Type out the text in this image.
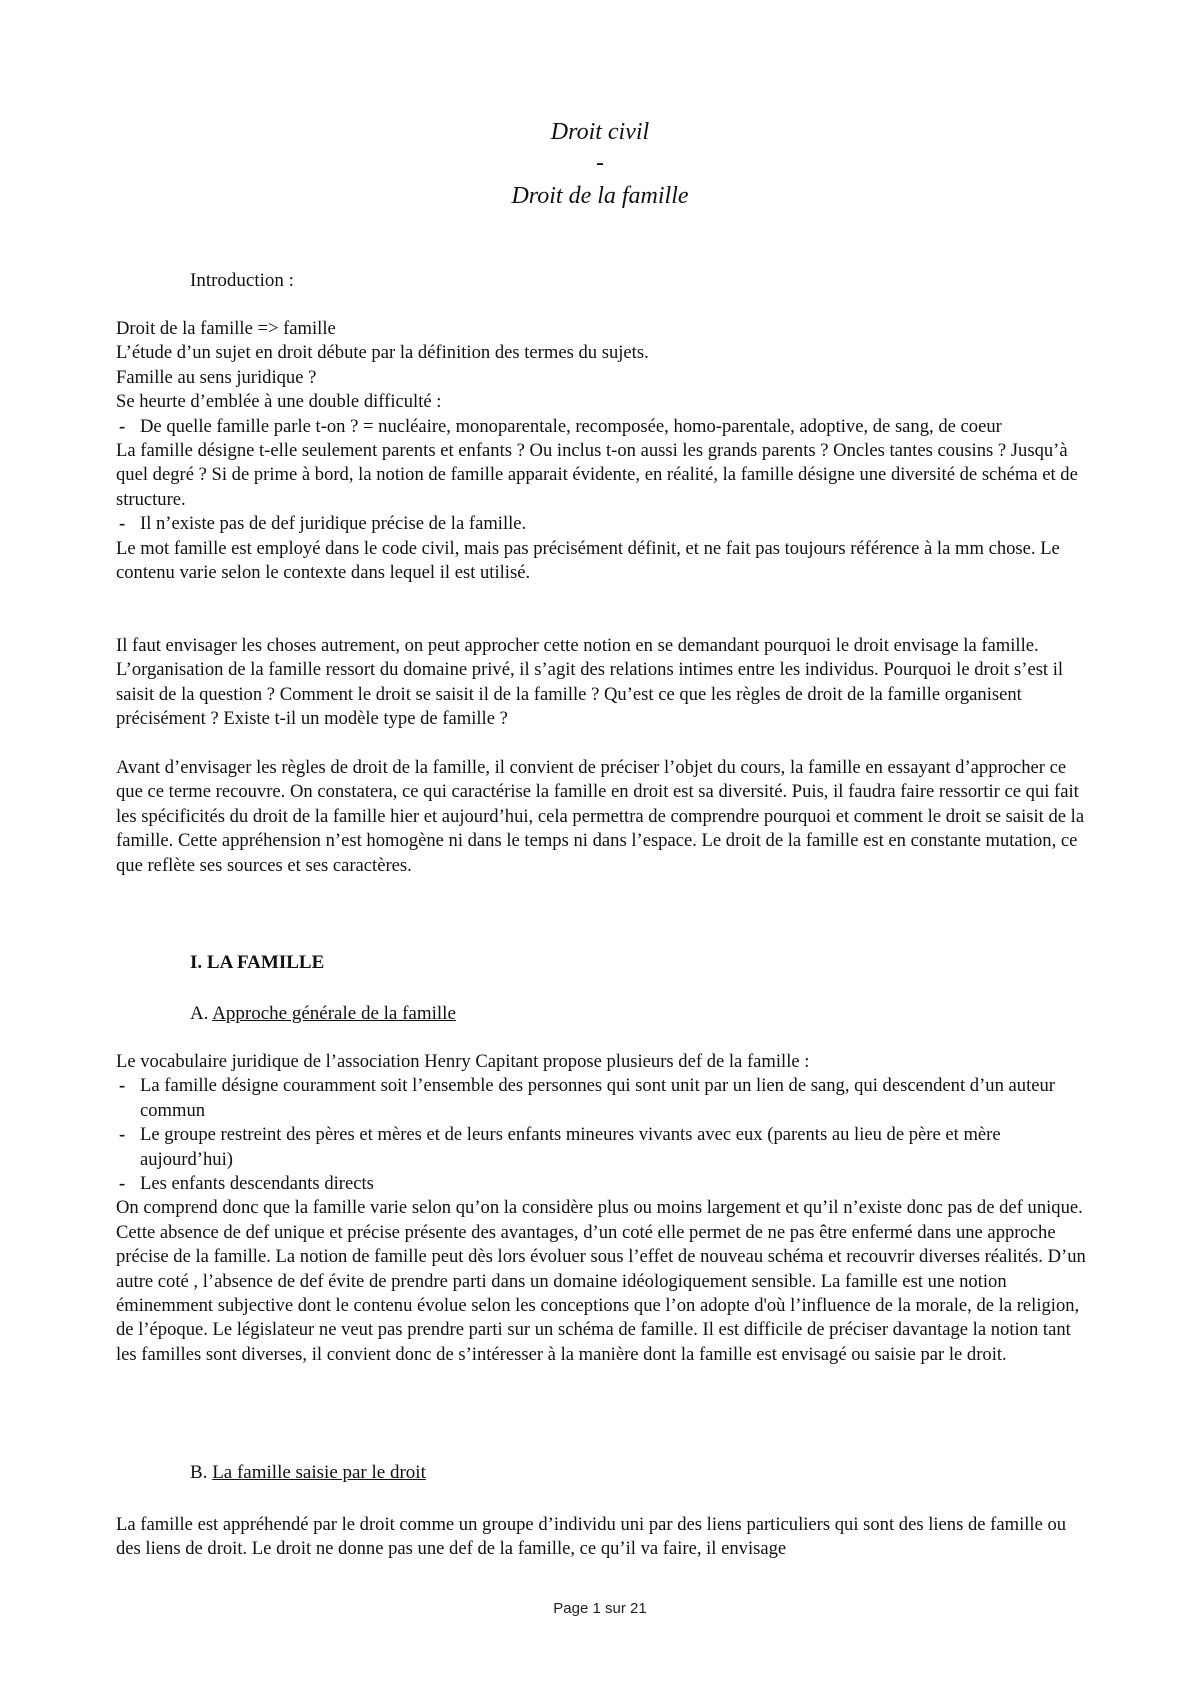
Droit civil
-
Droit de la famille
Introduction :

Droit de la famille => famille

L’étude d’un sujet en droit débute par la définition des termes du sujets.

Famille au sens juridique ?

Se heurte d’emblée à une double difficulté :

- De quelle famille parle t-on ? = nucléaire, monoparentale, recomposée, homo-parentale, adoptive, de sang, de coeur

La famille désigne t-elle seulement parents et enfants ? Ou inclus t-on aussi les grands parents ? Oncles tantes cousins ? Jusqu’à quel degré ? Si de prime à bord, la notion de famille apparait évidente, en réalité, la famille désigne une diversité de schéma et de structure.

- Il n’existe pas de def juridique précise de la famille.

Le mot famille est employé dans le code civil, mais pas précisément définit, et ne fait pas toujours référence à la mm chose. Le contenu varie selon le contexte dans lequel il est utilisé.

Il faut envisager les choses autrement, on peut approcher cette notion en se demandant pourquoi le droit envisage la famille. L’organisation de la famille ressort du domaine privé, il s’agit des relations intimes entre les individus. Pourquoi le droit s’est il saisit de la question ? Comment le droit se saisit il de la famille ? Qu’est ce que les règles de droit de la famille organisent précisément ? Existe t-il un modèle type de famille ?

Avant d’envisager les règles de droit de la famille, il convient de préciser l’objet du cours, la famille en essayant d’approcher ce que ce terme recouvre. On constatera, ce qui caractérise la famille en droit est sa diversité. Puis, il faudra faire ressortir ce qui fait les spécificités du droit de la famille hier et aujourd’hui, cela permettra de comprendre pourquoi et comment le droit se saisit de la famille. Cette appréhension n’est homogène ni dans le temps ni dans l’espace. Le droit de la famille est en constante mutation, ce que reflète ses sources et ses caractères.

I. LA FAMILLE
A. Approche générale de la famille

Le vocabulaire juridique de l’association Henry Capitant propose plusieurs def de la famille :

- La famille désigne couramment soit l’ensemble des personnes qui sont unit par un lien de sang, qui descendent d’un auteur commun
- Le groupe restreint des pères et mères et de leurs enfants mineures vivants avec eux (parents au lieu de père et mère aujourd’hui)
- Les enfants descendants directs

On comprend donc que la famille varie selon qu’on la considère plus ou moins largement et qu’il n’existe donc pas de def unique. Cette absence de def unique et précise présente des avantages, d’un coté elle permet de ne pas être enfermé dans une approche précise de la famille. La notion de famille peut dès lors évoluer sous l’effet de nouveau schéma et recouvrir diverses réalités. D’un autre coté , l’absence de def évite de prendre parti dans un domaine idéologiquement sensible. La famille est une notion éminemment subjective dont le contenu évolue selon les conceptions que l’on adopte d'où l’influence de la morale, de la religion, de l’époque. Le législateur ne veut pas prendre parti sur un schéma de famille. Il est difficile de préciser davantage la notion tant les familles sont diverses, il convient donc de s’intéresser à la manière dont la famille est envisagé ou saisie par le droit.

B. La famille saisie par le droit

La famille est appréhendé par le droit comme un groupe d’individu uni par des liens particuliers qui sont des liens de famille ou des liens de droit. Le droit ne donne pas une def de la famille, ce qu’il va faire, il envisage

Page 1 sur 21
